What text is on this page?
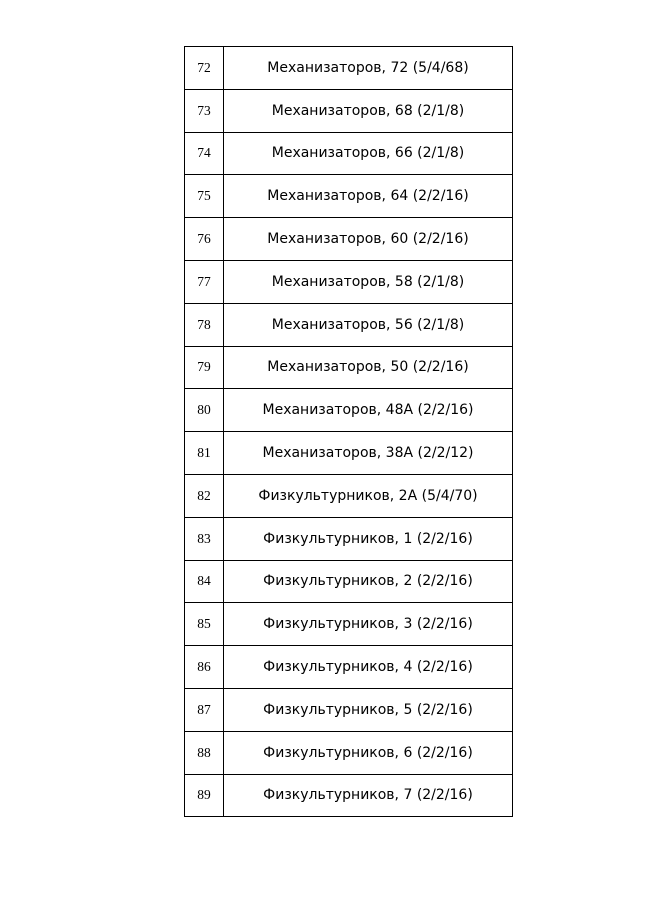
72	Механизаторов, 72 (5/4/68)
73	Механизаторов, 68 (2/1/8)
74	Механизаторов, 66 (2/1/8)
75	Механизаторов, 64 (2/2/16)
76	Механизаторов, 60 (2/2/16)
77	Механизаторов, 58 (2/1/8)
78	Механизаторов, 56 (2/1/8)
79	Механизаторов, 50 (2/2/16)
80	Механизаторов, 48А (2/2/16)
81	Механизаторов, 38А (2/2/12)
82	Физкультурников, 2А (5/4/70)
83	Физкультурников, 1 (2/2/16)
84	Физкультурников, 2 (2/2/16)
85	Физкультурников, 3 (2/2/16)
86	Физкультурников, 4 (2/2/16)
87	Физкультурников, 5 (2/2/16)
88	Физкультурников, 6 (2/2/16)
89	Физкультурников, 7 (2/2/16)
